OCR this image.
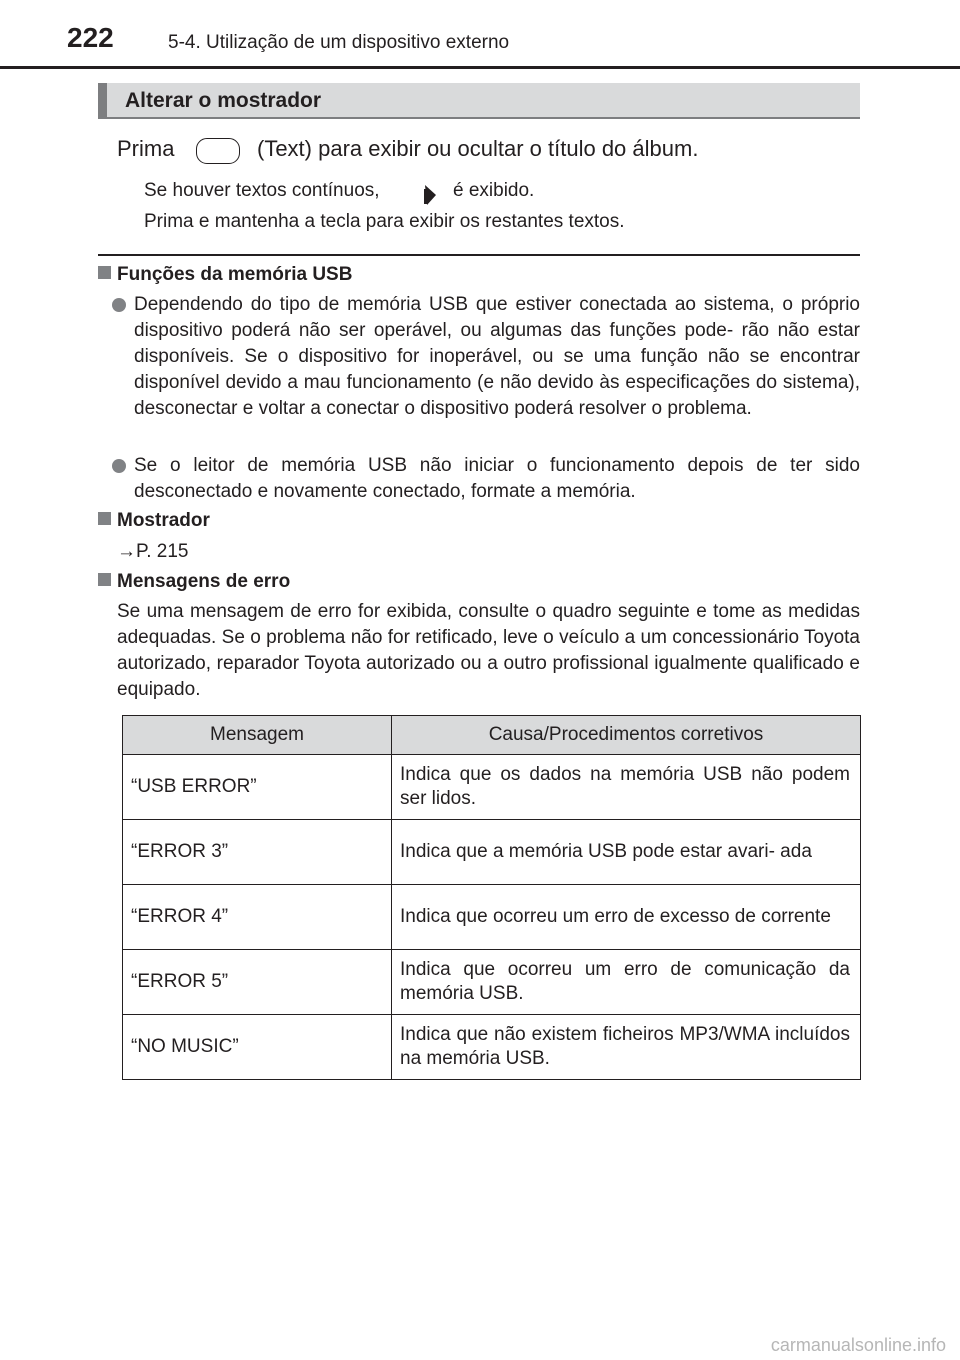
222	5-4. Utilização de um dispositivo externo
Alterar o mostrador
Prima	(Text) para exibir ou ocultar o título do álbum.
Se houver textos contínuos,	é exibido.
Prima e mantenha a tecla para exibir os restantes textos.
Funções da memória USB
Dependendo do tipo de memória USB que estiver conectada ao sistema, o próprio dispositivo poderá não ser operável, ou algumas das funções pode- rão não estar disponíveis. Se o dispositivo for inoperável, ou se uma função não se encontrar disponível devido a mau funcionamento (e não devido às especificações do sistema), desconectar e voltar a conectar o dispositivo poderá resolver o problema.
Se o leitor de memória USB não iniciar o funcionamento depois de ter sido desconectado e novamente conectado, formate a memória.
Mostrador
→P. 215
Mensagens de erro
Se uma mensagem de erro for exibida, consulte o quadro seguinte e tome as medidas adequadas. Se o problema não for retificado, leve o veículo a um concessionário Toyota autorizado, reparador Toyota autorizado ou a outro profissional igualmente qualificado e equipado.
Mensagem	Causa/Procedimentos corretivos
“USB ERROR”	Indica que os dados na memória USB não podem ser lidos.
“ERROR 3”	Indica que a memória USB pode estar avari- ada
“ERROR 4”	Indica que ocorreu um erro de excesso de corrente
“ERROR 5”	Indica que ocorreu um erro de comunicação da memória USB.
“NO MUSIC”	Indica que não existem ficheiros MP3/WMA incluídos na memória USB.
carmanualsonline.info
